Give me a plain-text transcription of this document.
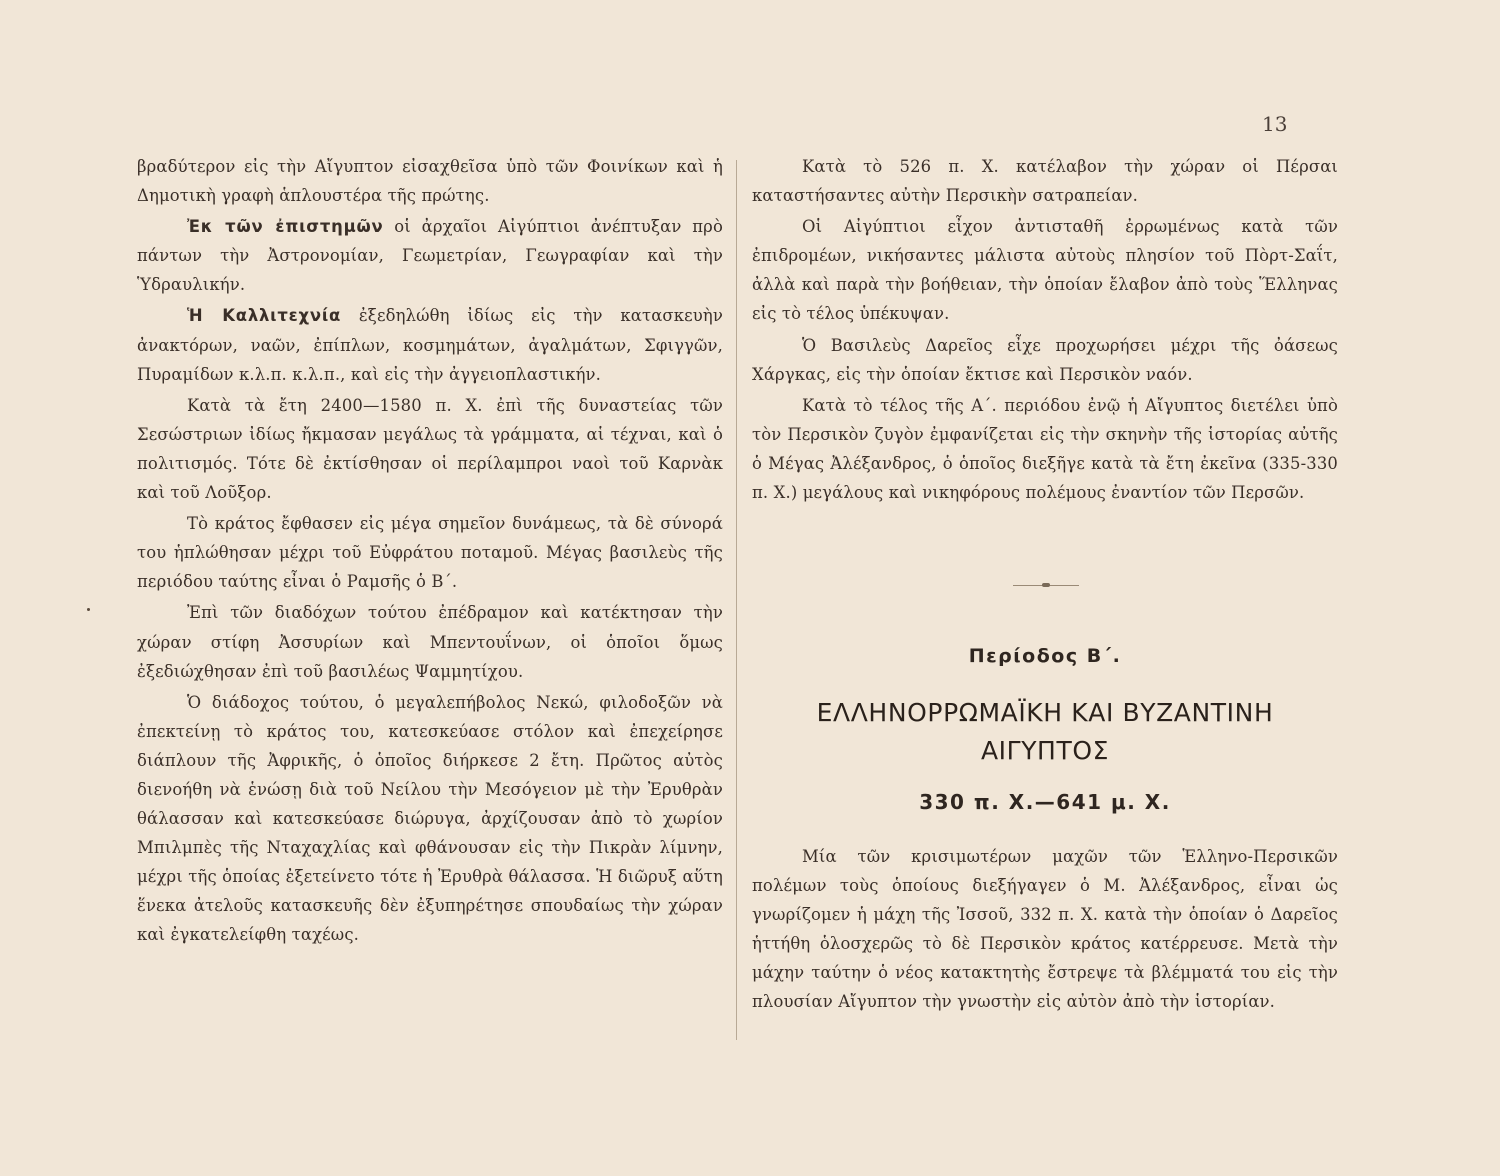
13

βραδύτερον εἰς τὴν Αἴγυπτον εἰσαχθεῖσα ὑπὸ τῶν Φοινίκων καὶ ἡ Δημοτικὴ γραφὴ ἁπλουστέρα τῆς πρώτης.

Ἐκ τῶν ἐπιστημῶν οἱ ἀρχαῖοι Αἰγύπτιοι ἀνέπτυξαν πρὸ πάντων τὴν Ἀστρονομίαν, Γεωμετρίαν, Γεωγραφίαν καὶ τὴν Ὑδραυλικήν.

Ἡ Καλλιτεχνία ἐξεδηλώθη ἰδίως εἰς τὴν κατασκευὴν ἀνακτόρων, ναῶν, ἐπίπλων, κοσμημάτων, ἀγαλμάτων, Σφιγγῶν, Πυραμίδων κ.λ.π. κ.λ.π., καὶ εἰς τὴν ἀγγειοπλαστικήν.

Κατὰ τὰ ἔτη 2400—1580 π. Χ. ἐπὶ τῆς δυναστείας τῶν Σεσώστριων ἰδίως ἤκμασαν μεγάλως τὰ γράμματα, αἱ τέχναι, καὶ ὁ πολιτισμός. Τότε δὲ ἐκτίσθησαν οἱ περίλαμπροι ναοὶ τοῦ Καρνὰκ καὶ τοῦ Λοῦξορ.

Τὸ κράτος ἔφθασεν εἰς μέγα σημεῖον δυνάμεως, τὰ δὲ σύνορά του ἡπλώθησαν μέχρι τοῦ Εὐφράτου ποταμοῦ. Μέγας βασιλεὺς τῆς περιόδου ταύτης εἶναι ὁ Ραμσῆς ὁ Β΄.

Ἐπὶ τῶν διαδόχων τούτου ἐπέδραμον καὶ κατέκτησαν τὴν χώραν στίφη Ἀσσυρίων καὶ Μπεντουΐνων, οἱ ὁποῖοι ὅμως ἐξεδιώχθησαν ἐπὶ τοῦ βασιλέως Ψαμμητίχου.

Ὁ διάδοχος τούτου, ὁ μεγαλεπήβολος Νεκώ, φιλοδοξῶν νὰ ἐπεκτείνῃ τὸ κράτος του, κατεσκεύασε στόλον καὶ ἐπεχείρησε διάπλουν τῆς Ἀφρικῆς, ὁ ὁποῖος διήρκεσε 2 ἔτη. Πρῶτος αὐτὸς διενοήθη νὰ ἑνώσῃ διὰ τοῦ Νείλου τὴν Μεσόγειον μὲ τὴν Ἐρυθρὰν θάλασσαν καὶ κατεσκεύασε διώρυγα, ἀρχίζουσαν ἀπὸ τὸ χωρίον Μπιλμπὲς τῆς Νταχαχλίας καὶ φθάνουσαν εἰς τὴν Πικρὰν λίμνην, μέχρι τῆς ὁποίας ἐξετείνετο τότε ἡ Ἐρυθρὰ θάλασσα. Ἡ διῶρυξ αὕτη ἕνεκα ἀτελοῦς κατασκευῆς δὲν ἐξυπηρέτησε σπουδαίως τὴν χώραν καὶ ἐγκατελείφθη ταχέως.

Κατὰ τὸ 526 π. Χ. κατέλαβον τὴν χώραν οἱ Πέρσαι καταστήσαντες αὐτὴν Περσικὴν σατραπείαν.

Οἱ Αἰγύπτιοι εἶχον ἀντισταθῆ ἐρρωμένως κατὰ τῶν ἐπιδρομέων, νικήσαντες μάλιστα αὐτοὺς πλησίον τοῦ Πὸρτ-Σαΐτ, ἀλλὰ καὶ παρὰ τὴν βοήθειαν, τὴν ὁποίαν ἔλαβον ἀπὸ τοὺς Ἕλληνας εἰς τὸ τέλος ὑπέκυψαν.

Ὁ Βασιλεὺς Δαρεῖος εἶχε προχωρήσει μέχρι τῆς ὀάσεως Χάργκας, εἰς τὴν ὁποίαν ἔκτισε καὶ Περσικὸν ναόν.

Κατὰ τὸ τέλος τῆς Α΄. περιόδου ἐνῷ ἡ Αἴγυπτος διετέλει ὑπὸ τὸν Περσικὸν ζυγὸν ἐμφανίζεται εἰς τὴν σκηνὴν τῆς ἱστορίας αὐτῆς ὁ Μέγας Ἀλέξανδρος, ὁ ὁποῖος διεξῆγε κατὰ τὰ ἔτη ἐκεῖνα (335-330 π. Χ.) μεγάλους καὶ νικηφόρους πολέμους ἐναντίον τῶν Περσῶν.

Περίοδος Β΄.
ΕΛΛΗΝΟΡΡΩΜΑΪΚΗ ΚΑΙ ΒΥΖΑΝΤΙΝΗ
ΑΙΓΥΠΤΟΣ
330 π. Χ.—641 μ. Χ.

Μία τῶν κρισιμωτέρων μαχῶν τῶν Ἑλληνο-Περσικῶν πολέμων τοὺς ὁποίους διεξήγαγεν ὁ Μ. Ἀλέξανδρος, εἶναι ὡς γνωρίζομεν ἡ μάχη τῆς Ἰσσοῦ, 332 π. Χ. κατὰ τὴν ὁποίαν ὁ Δαρεῖος ἡττήθη ὁλοσχερῶς τὸ δὲ Περσικὸν κράτος κατέρρευσε. Μετὰ τὴν μάχην ταύτην ὁ νέος κατακτητὴς ἔστρεψε τὰ βλέμματά του εἰς τὴν πλουσίαν Αἴγυπτον τὴν γνωστὴν εἰς αὐτὸν ἀπὸ τὴν ἱστορίαν.
